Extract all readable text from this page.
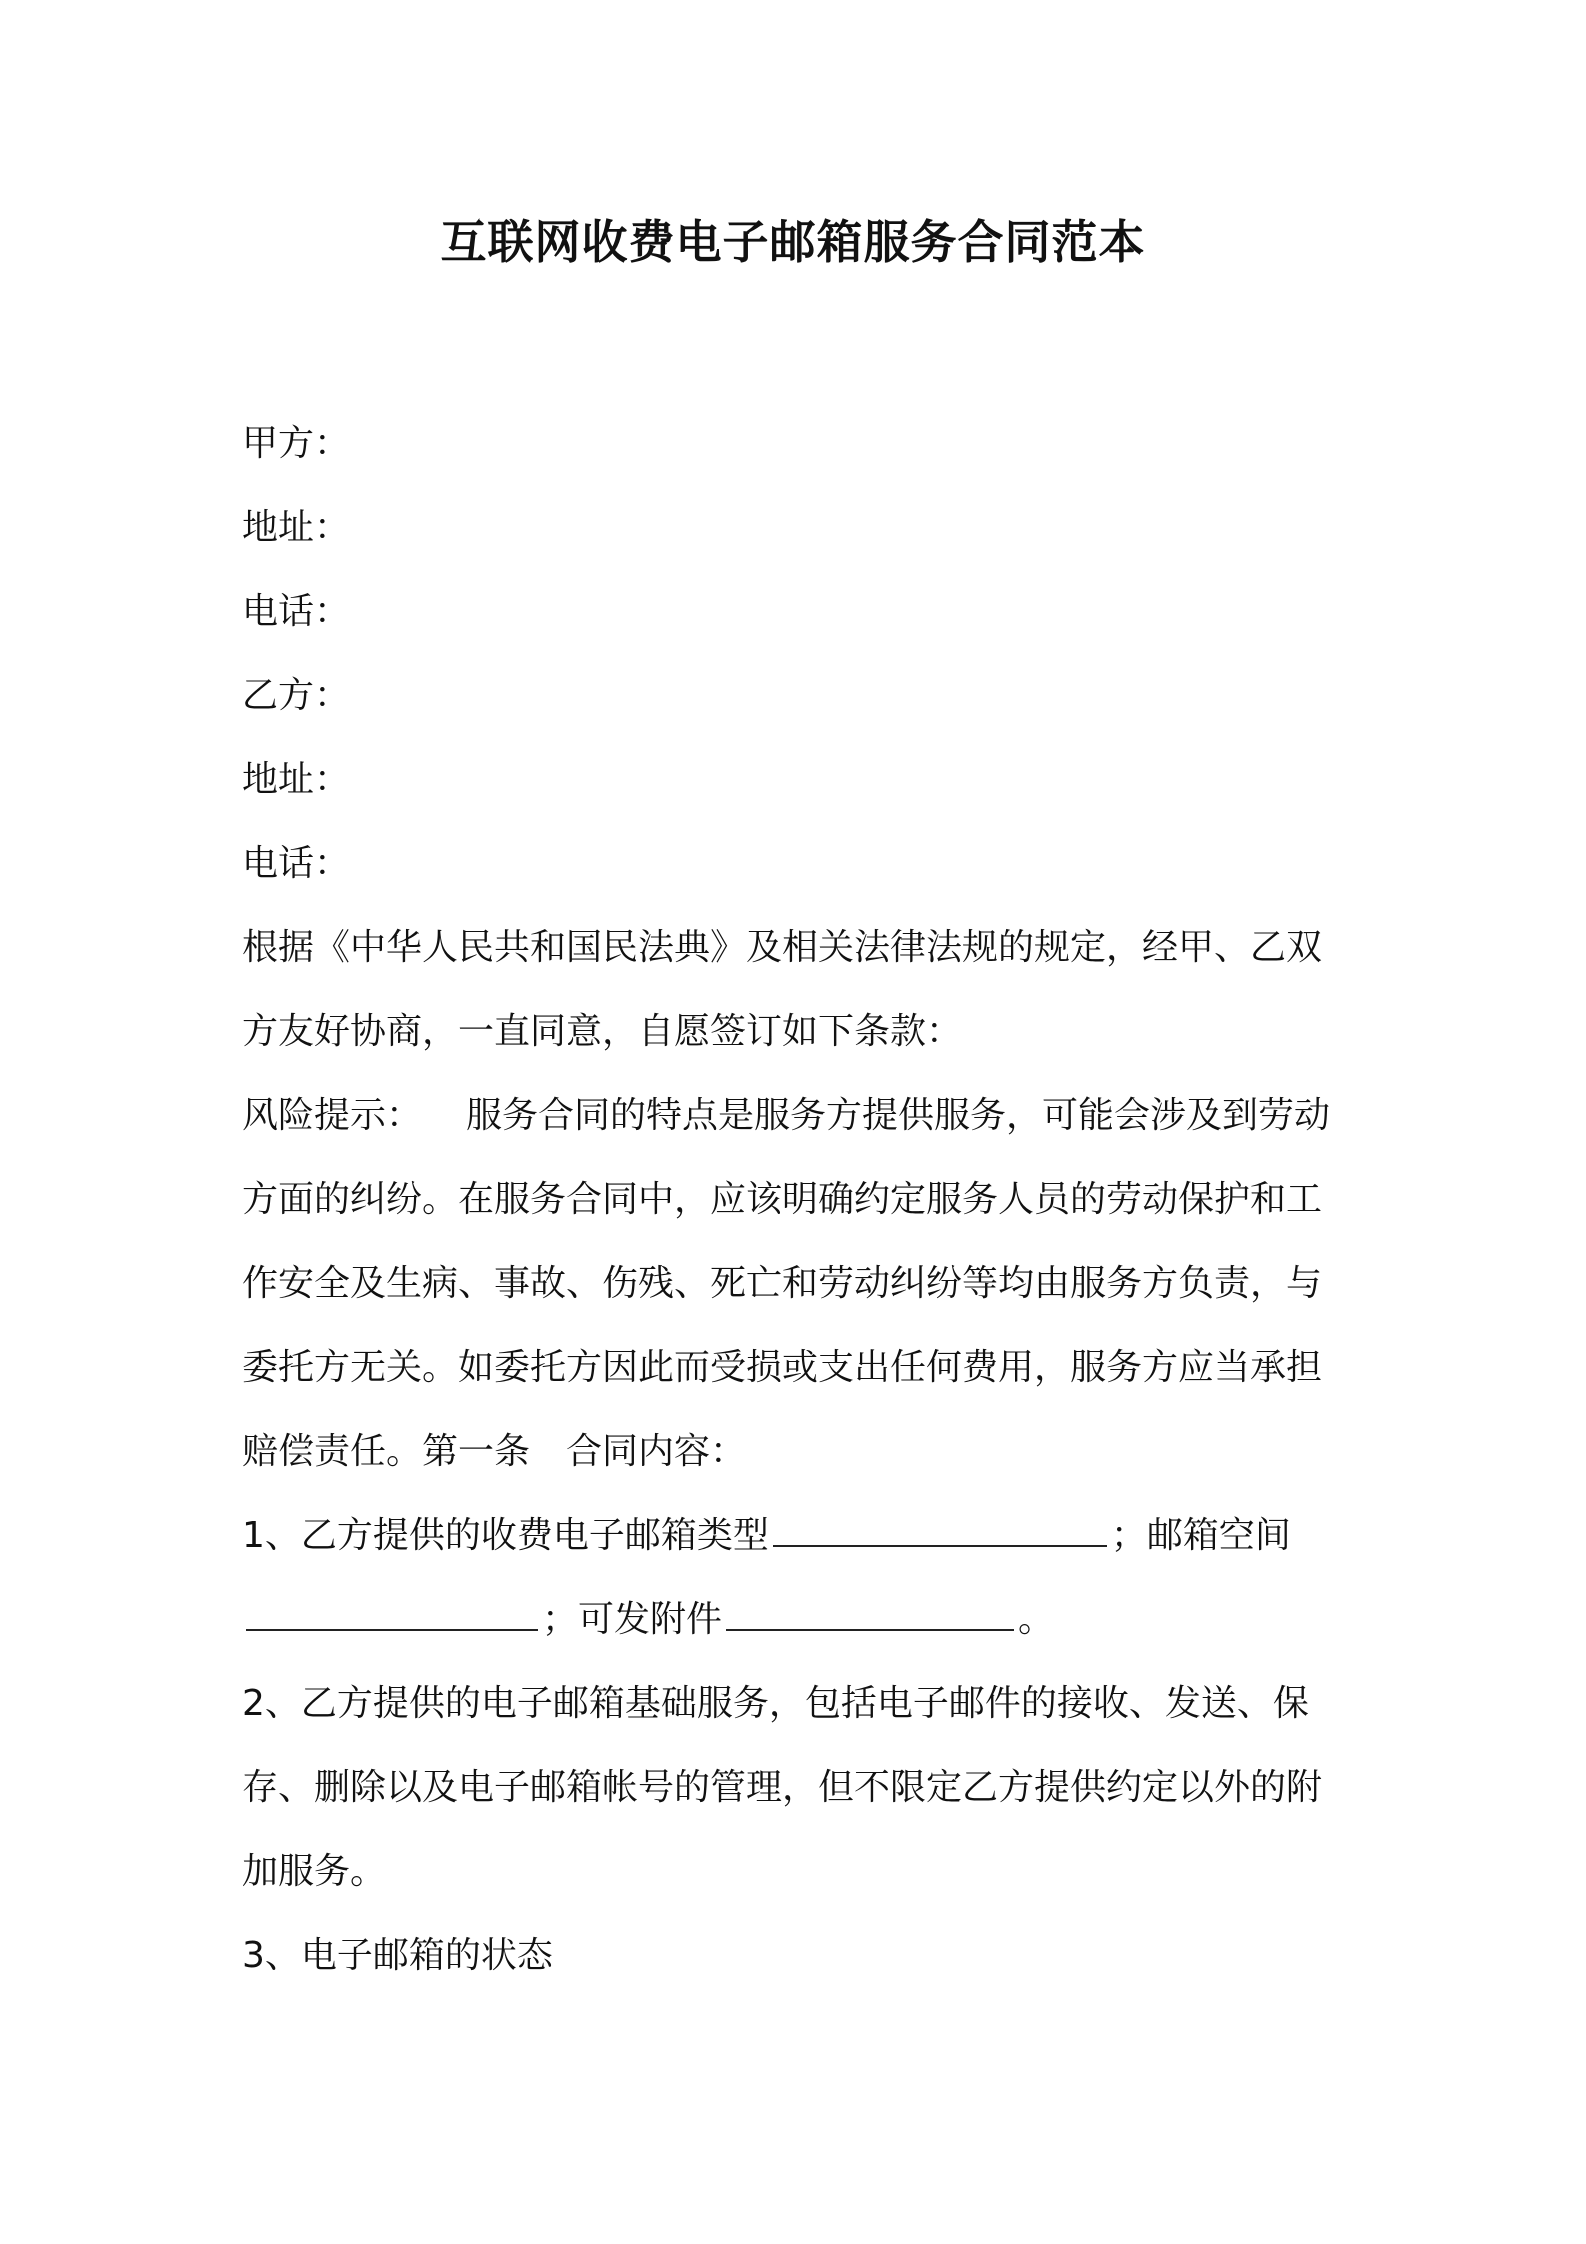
互联网收费电子邮箱服务合同范本
甲方：
地址：
电话：
乙方：
地址：
电话：
根据《中华人民共和国民法典》及相关法律法规的规定，经甲、乙双
方友好协商，一直同意，自愿签订如下条款：
风险提示： 服务合同的特点是服务方提供服务，可能会涉及到劳动
方面的纠纷。在服务合同中，应该明确约定服务人员的劳动保护和工
作安全及生病、事故、伤残、死亡和劳动纠纷等均由服务方负责，与
委托方无关。如委托方因此而受损或支出任何费用，服务方应当承担
赔偿责任。第一条 合同内容：
1、乙方提供的收费电子邮箱类型	；邮箱空间
；可发附件	。
2、乙方提供的电子邮箱基础服务，包括电子邮件的接收、发送、保
存、删除以及电子邮箱帐号的管理，但不限定乙方提供约定以外的附
加服务。
3、电子邮箱的状态
